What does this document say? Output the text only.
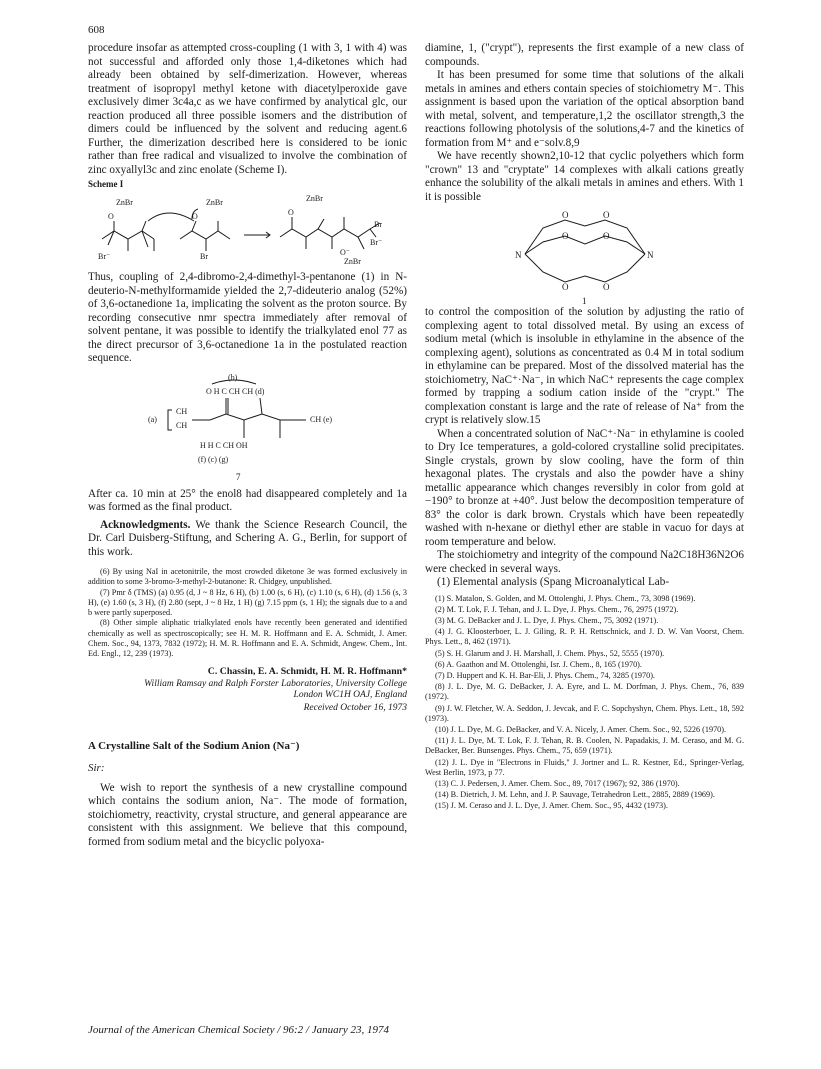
608

procedure insofar as attempted cross-coupling (1 with 3, 1 with 4) was not successful and afforded only those 1,4-diketones which had already been obtained by self-dimerization. However, whereas treatment of isopropyl methyl ketone with diacetylperoxide gave exclusively dimer 3c4a,c as we have confirmed by analytical glc, our reaction produced all three possible isomers and the distribution of dimers could be influenced by the solvent and reducing agent.6 Further, the dimerization described here is considered to be ionic rather than free radical and visualized to involve the combination of zinc oxyallyl3c and zinc enolate (Scheme I).

Scheme I
ZnBr
O
ZnBr
O
Br⁻	Br
ZnBr
O
Br
Br⁻
O⁻
ZnBr

Thus, coupling of 2,4-dibromo-2,4-dimethyl-3-pentanone (1) in N-deuterio-N-methylformamide yielded the 2,7-dideuterio analog (52%) of 3,6-octanedione 1a, implicating the solvent as the proton source. By recording consecutive nmr spectra immediately after removal of solvent pentane, it was possible to identify the trialkylated enol 77 as the direct precursor of 3,6-octanedione 1a in the postulated reaction sequence.

(b)
O H C CH CH (d)
(a)
CH
CH
CH (e)
H H C CH OH
(f) (c) (g)
7

After ca. 10 min at 25° the enol8 had disappeared completely and 1a was formed as the final product.

Acknowledgments. We thank the Science Research Council, the Dr. Carl Duisberg-Stiftung, and Schering A. G., Berlin, for support of this work.

(6) By using NaI in acetonitrile, the most crowded diketone 3e was formed exclusively in addition to some 3-bromo-3-methyl-2-butanone: R. Chidgey, unpublished.

(7) Pmr δ (TMS) (a) 0.95 (d, J ~ 8 Hz, 6 H), (b) 1.00 (s, 6 H), (c) 1.10 (s, 6 H), (d) 1.56 (s, 3 H), (e) 1.60 (s, 3 H), (f) 2.80 (sept, J ~ 8 Hz, 1 H) (g) 7.15 ppm (s, 1 H); the signals due to a and b were partly superposed.

(8) Other simple aliphatic trialkylated enols have recently been generated and identified chemically as well as spectroscopically; see H. M. R. Hoffmann and E. A. Schmidt, J. Amer. Chem. Soc., 94, 1373, 7832 (1972); H. M. R. Hoffmann and E. A. Schmidt, Angew. Chem., Int. Ed. Engl., 12, 239 (1973).

C. Chassin, E. A. Schmidt, H. M. R. Hoffmann*

William Ramsay and Ralph Forster Laboratories, University College

London WC1H OAJ, England

Received October 16, 1973

A Crystalline Salt of the Sodium Anion (Na⁻)
Sir:

We wish to report the synthesis of a new crystalline compound which contains the sodium anion, Na⁻. The mode of formation, stoichiometry, reactivity, crystal structure, and general appearance are consistent with this assignment. We believe that this compound, formed from sodium metal and the bicyclic polyoxa-

diamine, 1, ("crypt"), represents the first example of a new class of compounds.

It has been presumed for some time that solutions of the alkali metals in amines and ethers contain species of stoichiometry M⁻. This assignment is based upon the variation of the optical absorption band with metal, solvent, and temperature,1,2 the oscillator strength,3 the reactions following photolysis of the solutions,4-7 and the kinetics of formation from M⁺ and e⁻solv.8,9

We have recently shown2,10-12 that cyclic polyethers which form "crown" 13 and "cryptate" 14 complexes with alkali cations greatly enhance the solubility of the alkali metals in amines and ethers. With 1 it is possible

N	N
O	O
O	O
O	O
1

to control the composition of the solution by adjusting the ratio of complexing agent to total dissolved metal. By using an excess of sodium metal (which is insoluble in ethylamine in the absence of the complexing agent), solutions as concentrated as 0.4 M in total sodium in ethylamine can be prepared. Most of the dissolved material has the stoichiometry, NaC⁺·Na⁻, in which NaC⁺ represents the cage complex formed by trapping a sodium cation inside of the "crypt." The complexation constant is large and the rate of release of Na⁺ from the crypt is relatively slow.15

When a concentrated solution of NaC⁺·Na⁻ in ethylamine is cooled to Dry Ice temperatures, a gold-colored crystalline solid precipitates. Single crystals, grown by slow cooling, have the form of thin hexagonal plates. The crystals and also the powder have a shiny metallic appearance which changes reversibly in color from gold at −190° to bronze at +40°. Just below the decomposition temperature of 83° the color is dark brown. Crystals which have been repeatedly washed with n-hexane or diethyl ether are stable in vacuo for days at room temperature and below.

The stoichiometry and integrity of the compound Na2C18H36N2O6 were checked in several ways.

(1) Elemental analysis (Spang Microanalytical Lab-

(1) S. Matalon, S. Golden, and M. Ottolenghi, J. Phys. Chem., 73, 3098 (1969).

(2) M. T. Lok, F. J. Tehan, and J. L. Dye, J. Phys. Chem., 76, 2975 (1972).

(3) M. G. DeBacker and J. L. Dye, J. Phys. Chem., 75, 3092 (1971).

(4) J. G. Kloosterboer, L. J. Giling, R. P. H. Rettschnick, and J. D. W. Van Voorst, Chem. Phys. Lett., 8, 462 (1971).

(5) S. H. Glarum and J. H. Marshall, J. Chem. Phys., 52, 5555 (1970).

(6) A. Gaathon and M. Ottolenghi, Isr. J. Chem., 8, 165 (1970).

(7) D. Huppert and K. H. Bar-Eli, J. Phys. Chem., 74, 3285 (1970).

(8) J. L. Dye, M. G. DeBacker, J. A. Eyre, and L. M. Dorfman, J. Phys. Chem., 76, 839 (1972).

(9) J. W. Fletcher, W. A. Seddon, J. Jevcak, and F. C. Sopchyshyn, Chem. Phys. Lett., 18, 592 (1973).

(10) J. L. Dye, M. G. DeBacker, and V. A. Nicely, J. Amer. Chem. Soc., 92, 5226 (1970).

(11) J. L. Dye, M. T. Lok, F. J. Tehan, R. B. Coolen, N. Papadakis, J. M. Ceraso, and M. G. DeBacker, Ber. Bunsenges. Phys. Chem., 75, 659 (1971).

(12) J. L. Dye in "Electrons in Fluids," J. Jortner and L. R. Kestner, Ed., Springer-Verlag, West Berlin, 1973, p 77.

(13) C. J. Pedersen, J. Amer. Chem. Soc., 89, 7017 (1967); 92, 386 (1970).

(14) B. Dietrich, J. M. Lehn, and J. P. Sauvage, Tetrahedron Lett., 2885, 2889 (1969).

(15) J. M. Ceraso and J. L. Dye, J. Amer. Chem. Soc., 95, 4432 (1973).

Journal of the American Chemical Society / 96:2 / January 23, 1974
